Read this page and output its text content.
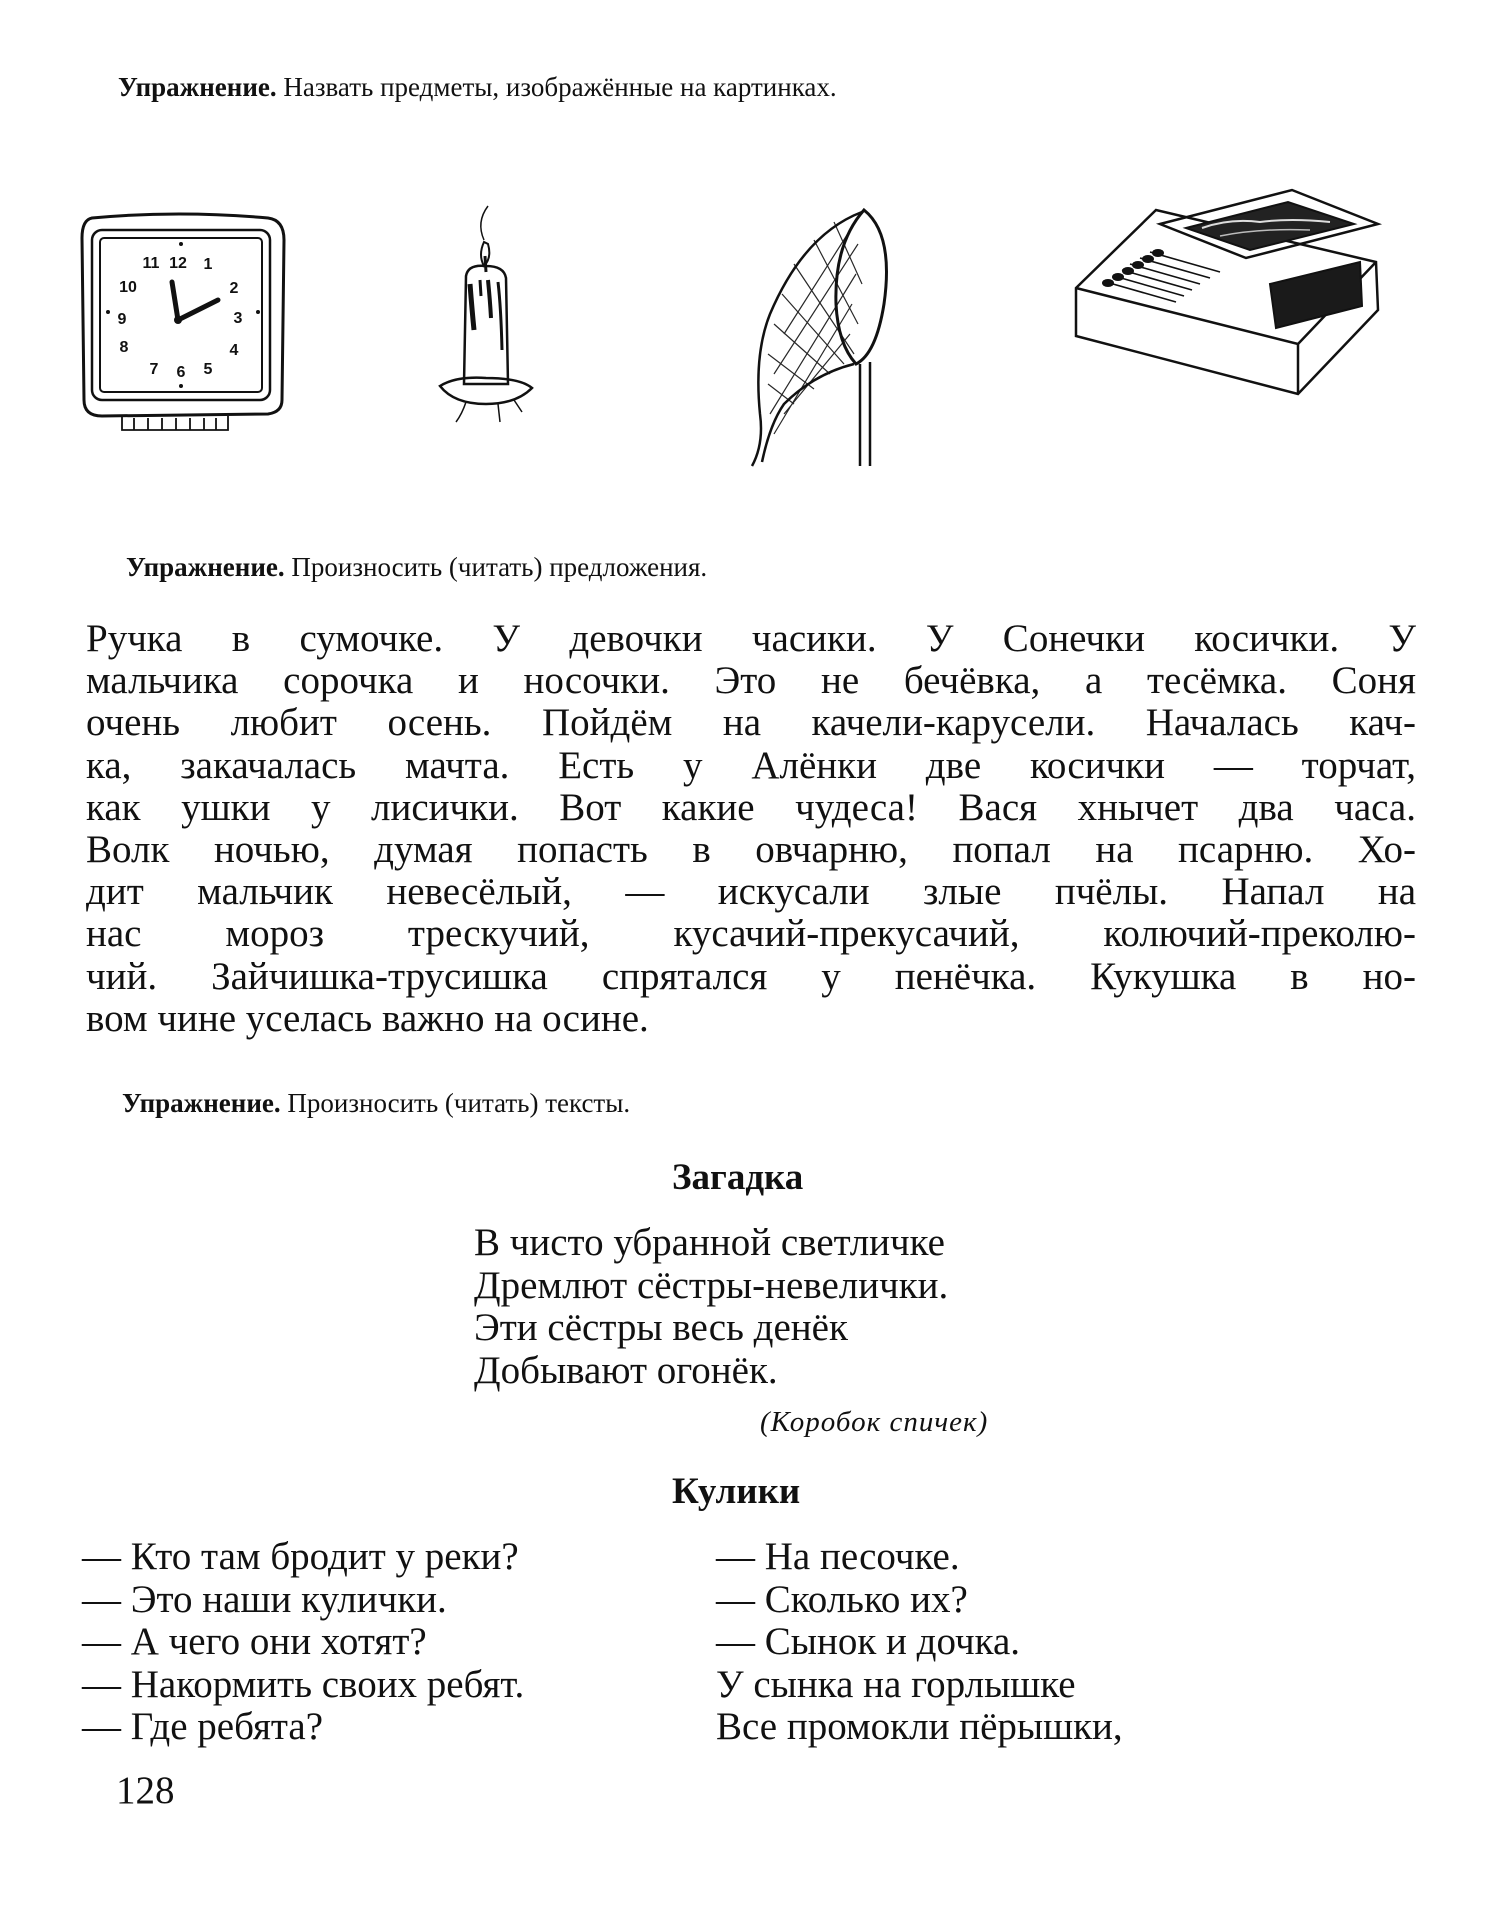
Упражнение. Назвать предметы, изображённые на картинках.
11 12 1
2
3
4
5
6
7
8
9
10
Упражнение. Произносить (читать) предложения.
Ручка в сумочке. У девочки часики. У Сонечки косички. У
мальчика сорочка и носочки. Это не бечёвка, а тесёмка. Соня
очень любит осень. Пойдём на качели-карусели. Началась кач-
ка, закачалась мачта. Есть у Алёнки две косички — торчат,
как ушки у лисички. Вот какие чудеса! Вася хнычет два часа.
Волк ночью, думая попасть в овчарню, попал на псарню. Хо-
дит мальчик невесёлый, — искусали злые пчёлы. Напал на
нас мороз трескучий, кусачий-прекусачий, колючий-преколю-
чий. Зайчишка-трусишка спрятался у пенёчка. Кукушка в но-
вом чине уселась важно на осине.
Упражнение. Произносить (читать) тексты.
Загадка
В чисто убранной светличке
Дремлют сёстры-невелички.
Эти сёстры весь денёк
Добывают огонёк.
(Коробок спичек)
Кулики
— Кто там бродит у реки?
— Это наши кулички.
— А чего они хотят?
— Накормить своих ребят.
— Где ребята?
— На песочке.
— Сколько их?
— Сынок и дочка.
У сынка на горлышке
Все промокли пёрышки,
128
